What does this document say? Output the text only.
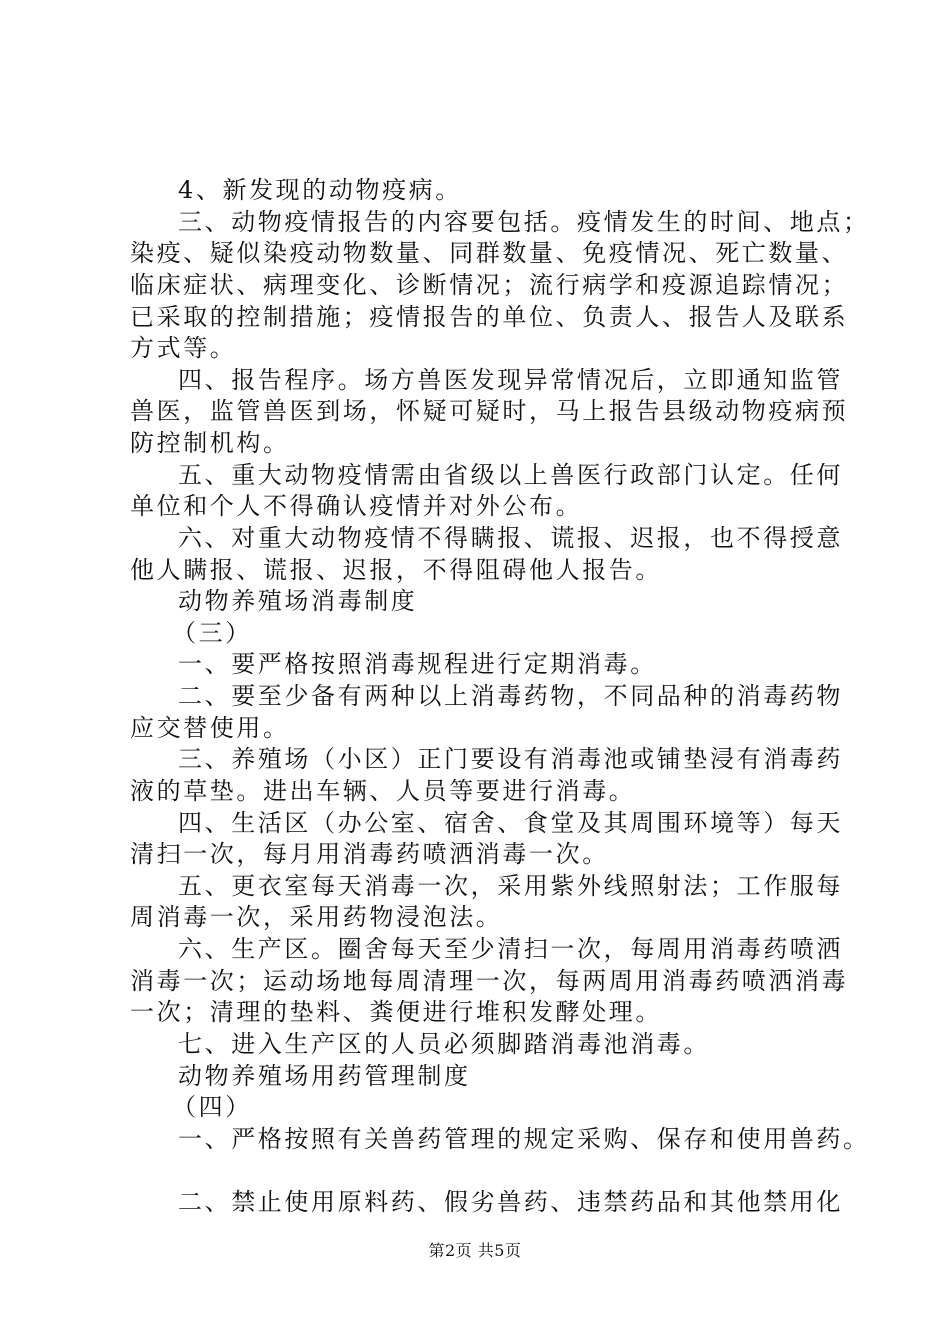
4、新发现的动物疫病。
三、动物疫情报告的内容要包括。疫情发生的时间、地点；
染疫、疑似染疫动物数量、同群数量、免疫情况、死亡数量、
临床症状、病理变化、诊断情况；流行病学和疫源追踪情况；
已采取的控制措施；疫情报告的单位、负责人、报告人及联系
方式等。
四、报告程序。场方兽医发现异常情况后，立即通知监管
兽医，监管兽医到场，怀疑可疑时，马上报告县级动物疫病预
防控制机构。
五、重大动物疫情需由省级以上兽医行政部门认定。任何
单位和个人不得确认疫情并对外公布。
六、对重大动物疫情不得瞒报、谎报、迟报，也不得授意
他人瞒报、谎报、迟报，不得阻碍他人报告。
动物养殖场消毒制度
（三）
一、要严格按照消毒规程进行定期消毒。
二、要至少备有两种以上消毒药物，不同品种的消毒药物
应交替使用。
三、养殖场（小区）正门要设有消毒池或铺垫浸有消毒药
液的草垫。进出车辆、人员等要进行消毒。
四、生活区（办公室、宿舍、食堂及其周围环境等）每天
清扫一次，每月用消毒药喷洒消毒一次。
五、更衣室每天消毒一次，采用紫外线照射法；工作服每
周消毒一次，采用药物浸泡法。
六、生产区。圈舍每天至少清扫一次，每周用消毒药喷洒
消毒一次；运动场地每周清理一次，每两周用消毒药喷洒消毒
一次；清理的垫料、粪便进行堆积发酵处理。
七、进入生产区的人员必须脚踏消毒池消毒。
动物养殖场用药管理制度
（四）
一、严格按照有关兽药管理的规定采购、保存和使用兽药。
二、禁止使用原料药、假劣兽药、违禁药品和其他禁用化
第2页 共5页
